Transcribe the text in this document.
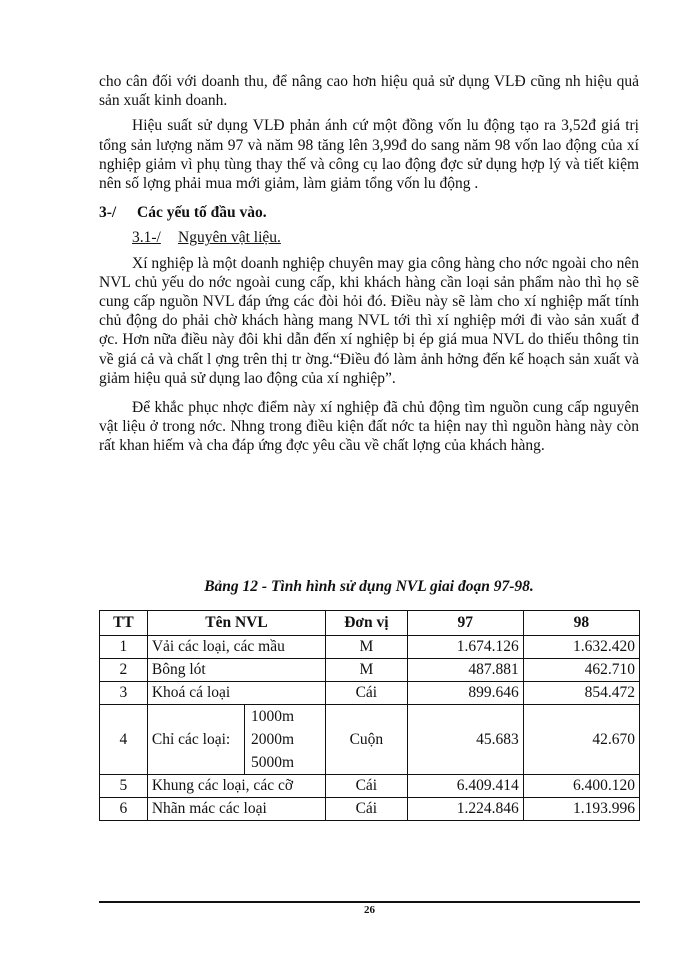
cho cân đối với doanh thu, để nâng cao hơn hiệu quả sử dụng VLĐ cũng nh hiệu quả sản xuất kinh doanh.

Hiệu suất sử dụng VLĐ phản ánh cứ một đồng vốn lu động tạo ra 3,52đ giá trị tổng sản lượng năm 97 và năm 98 tăng lên 3,99đ do sang năm 98 vốn lao động của xí nghiệp giảm vì phụ tùng thay thế và công cụ lao động đợc sử dụng hợp lý và tiết kiệm nên số lợng phải mua mới giảm, làm giảm tổng vốn lu động .

3-/	Các yếu tố đầu vào.
3.1-/	Nguyên vật liệu.

Xí nghiệp là một doanh nghiệp chuyên may gia công hàng cho nớc ngoài cho nên NVL chủ yếu do nớc ngoài cung cấp, khi khách hàng cần loại sản phẩm nào thì họ sẽ cung cấp nguồn NVL đáp ứng các đòi hỏi đó. Điều này sẽ làm cho xí nghiệp mất tính chủ động do phải chờ khách hàng mang NVL tới thì xí nghiệp mới đi vào sản xuất đ ợc. Hơn nữa điều này đôi khi dẫn đến xí nghiệp bị ép giá mua NVL do thiếu thông tin về giá cả và chất l ợng trên thị tr ờng.“Điều đó làm ảnh hởng đến kế hoạch sản xuất và giảm hiệu quả sử dụng lao động của xí nghiệp”.

Để khắc phục nhợc điểm này xí nghiệp đã chủ động tìm nguồn cung cấp nguyên vật liệu ở trong nớc. Nhng trong điều kiện đất nớc ta hiện nay thì nguồn hàng này còn rất khan hiếm và cha đáp ứng đợc yêu cầu về chất lợng của khách hàng.

Bảng 12 - Tình hình sử dụng NVL giai đoạn 97-98.
TT	Tên NVL		Đơn vị	97	98
1	Vải các loại, các mầu		M	1.674.126	1.632.420
2	Bông lót		M	487.881	462.710
3	Khoá cá loại		Cái	899.646	854.472
4	Chỉ các loại:	1000m
2000m
5000m	Cuộn	45.683	42.670
5	Khung các loại, các cỡ		Cái	6.409.414	6.400.120
6	Nhãn mác các loại		Cái	1.224.846	1.193.996
26
